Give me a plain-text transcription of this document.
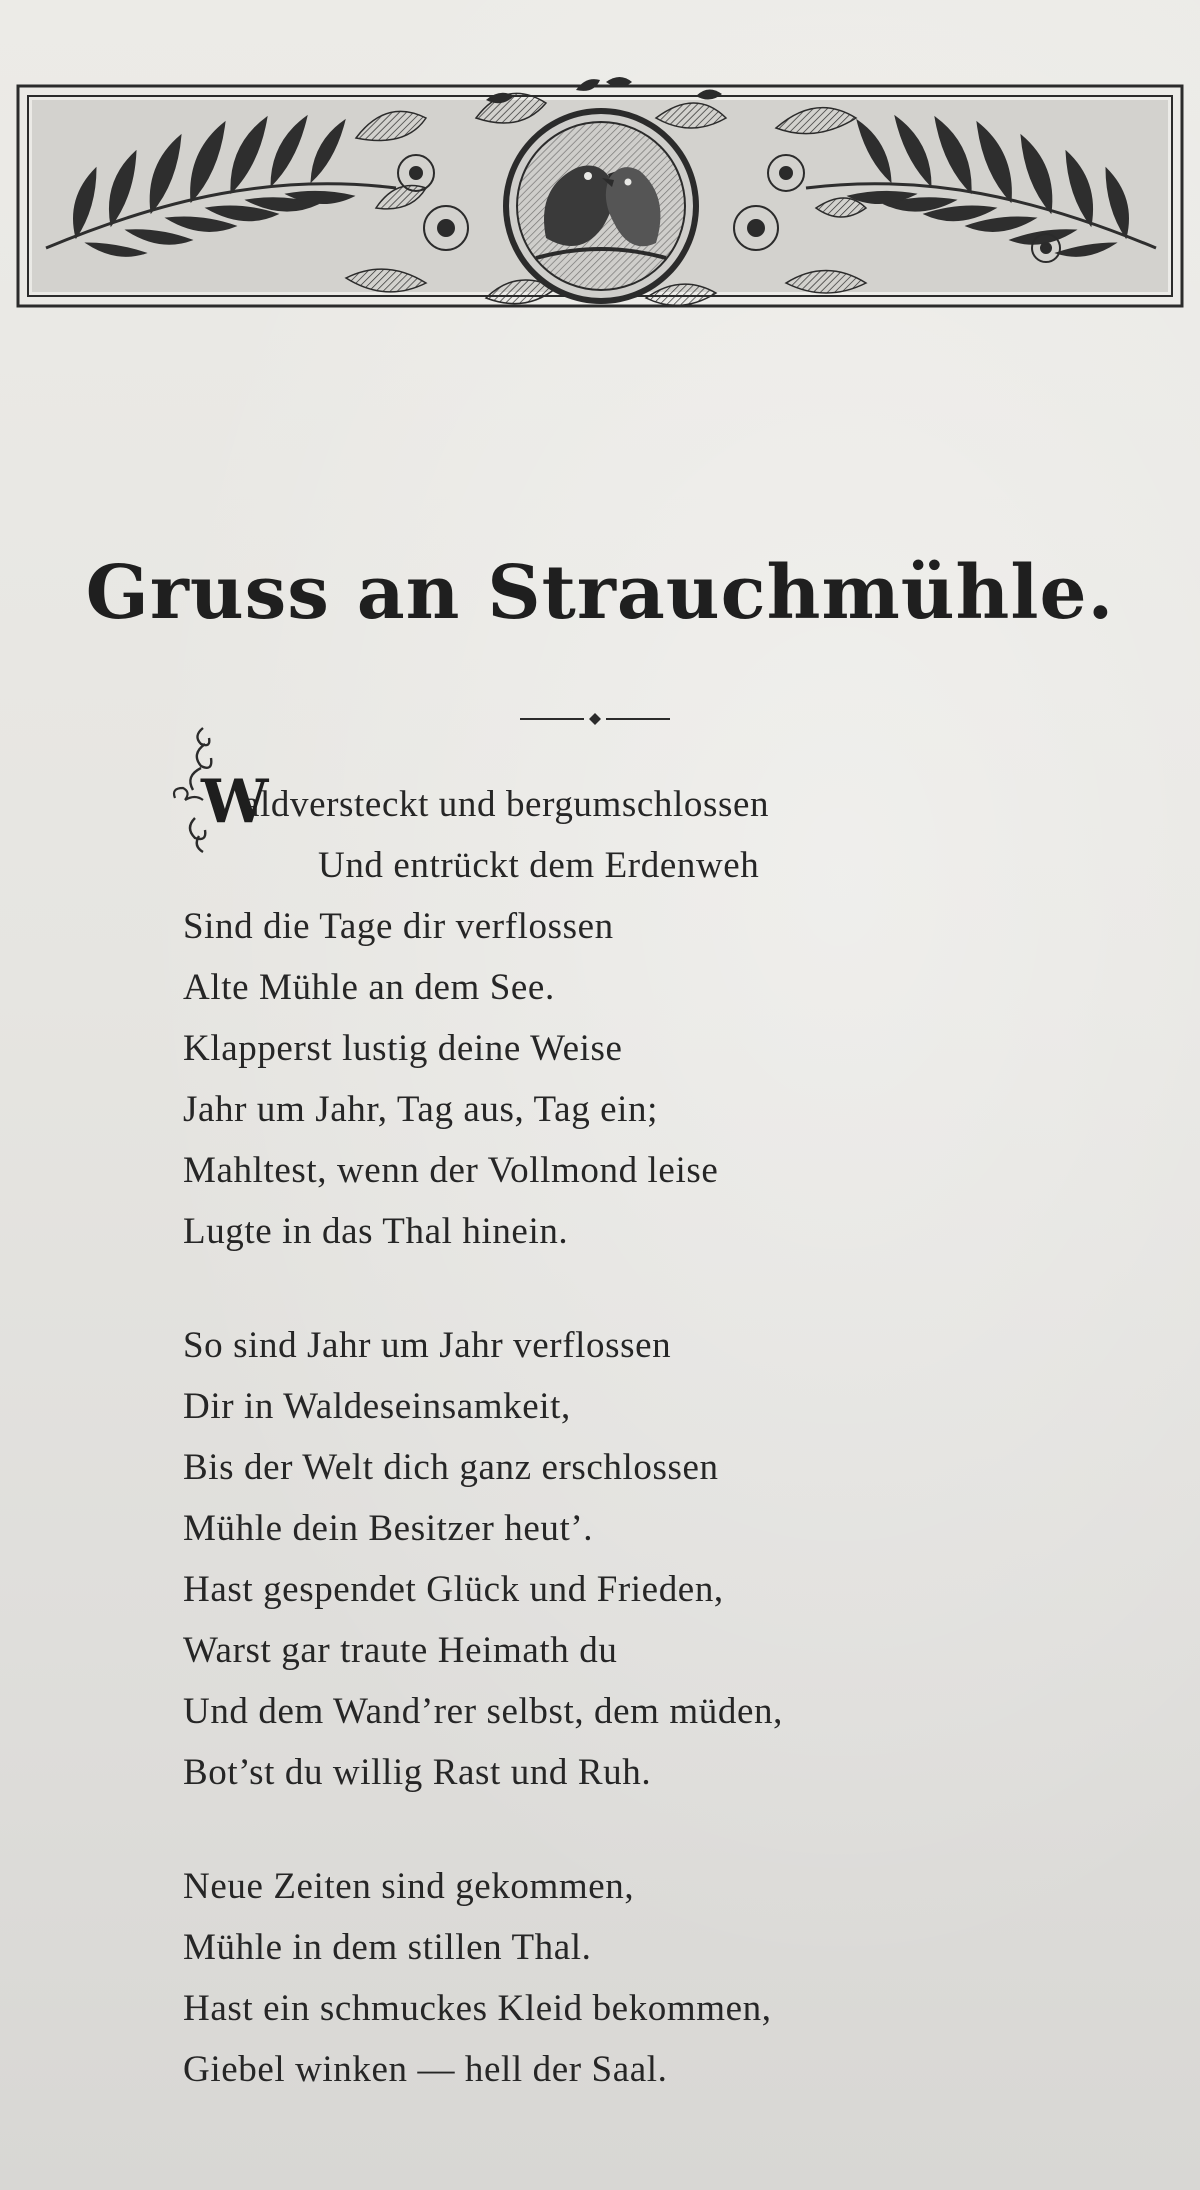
Gruss an Strauchmühle.
W
aldversteckt und bergumschlossen
Und entrückt dem Erdenweh
Sind die Tage dir verflossen
Alte Mühle an dem See.
Klapperst lustig deine Weise
Jahr um Jahr, Tag aus, Tag ein;
Mahltest, wenn der Vollmond leise
Lugte in das Thal hinein.
So sind Jahr um Jahr verflossen
Dir in Waldeseinsamkeit,
Bis der Welt dich ganz erschlossen
Mühle dein Besitzer heut’.
Hast gespendet Glück und Frieden,
Warst gar traute Heimath du
Und dem Wand’rer selbst, dem müden,
Bot’st du willig Rast und Ruh.
Neue Zeiten sind gekommen,
Mühle in dem stillen Thal.
Hast ein schmuckes Kleid bekommen,
Giebel winken — hell der Saal.
